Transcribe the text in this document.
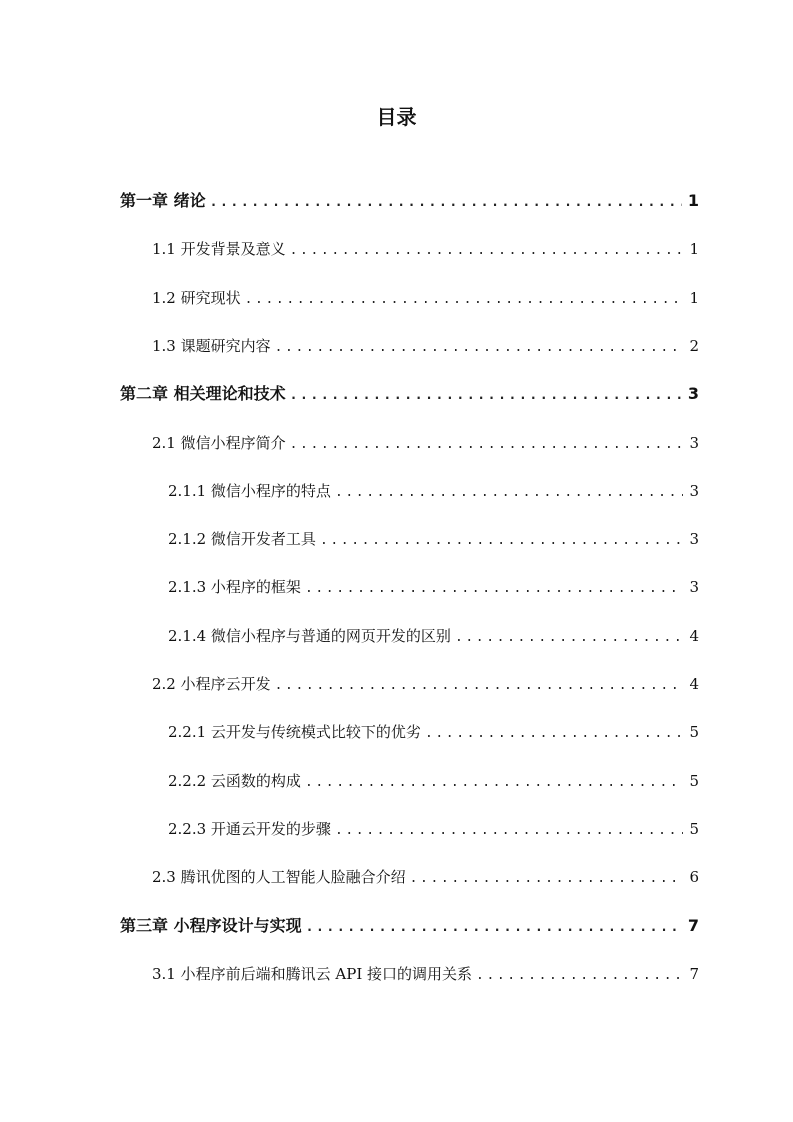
目录
第一章 绪论 .....	1
1.1 开发背景及意义 .....	1
1.2 研究现状 .....	1
1.3 课题研究内容 .....	2
第二章 相关理论和技术 .....	3
2.1 微信小程序简介 .....	3
2.1.1 微信小程序的特点 .....	3
2.1.2 微信开发者工具 .....	3
2.1.3 小程序的框架 .....	3
2.1.4 微信小程序与普通的网页开发的区别 .....	4
2.2 小程序云开发 .....	4
2.2.1 云开发与传统模式比较下的优劣 .....	5
2.2.2 云函数的构成 .....	5
2.2.3 开通云开发的步骤 .....	5
2.3 腾讯优图的人工智能人脸融合介绍 .....	6
第三章 小程序设计与实现 .....	7
3.1 小程序前后端和腾讯云 API 接口的调用关系 .....	7
